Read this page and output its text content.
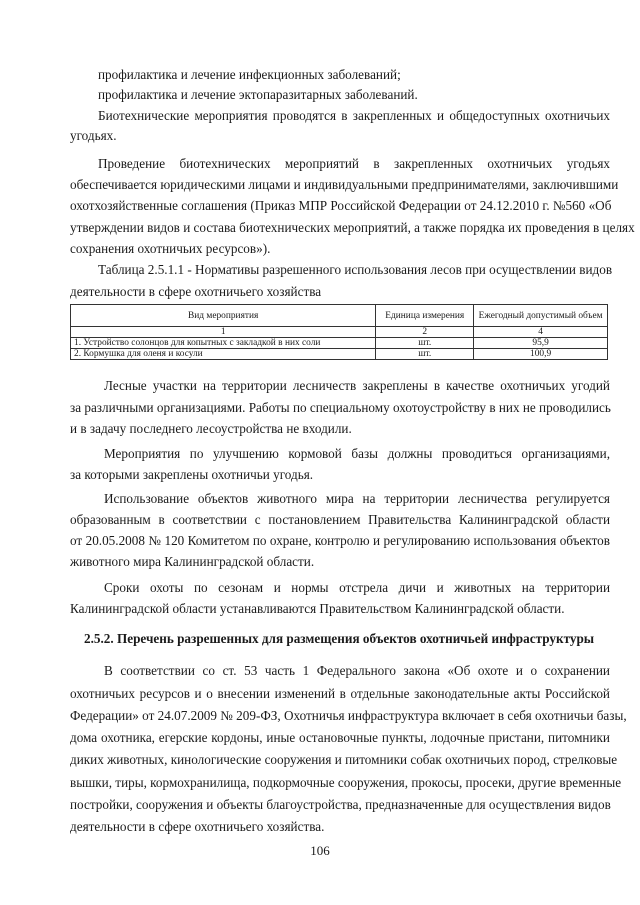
профилактика и лечение инфекционных заболеваний;
профилактика и лечение эктопаразитарных заболеваний.
Биотехнические мероприятия проводятся в закрепленных и общедоступных охотничьих
угодьях.
Проведение биотехнических мероприятий в закрепленных охотничьих угодьях
обеспечивается юридическими лицами и индивидуальными предпринимателями, заключившими
охотхозяйственные соглашения (Приказ МПР Российской Федерации от 24.12.2010 г. №560 «Об
утверждении видов и состава биотехнических мероприятий, а также порядка их проведения в целях
сохранения охотничьих ресурсов»).
Таблица 2.5.1.1 - Нормативы разрешенного использования лесов при осуществлении видов
деятельности в сфере охотничьего хозяйства
Вид мероприятия	Единица измерения	Ежегодный допустимый объем
1	2	4
1. Устройство солонцов для копытных с закладкой в них соли	шт.	95,9
2. Кормушка для оленя и косули	шт.	100,9
Лесные участки на территории лесничеств закреплены в качестве охотничьих угодий
за различными организациями. Работы по специальному охотоустройству в них не проводились
и в задачу последнего лесоустройства не входили.
Мероприятия по улучшению кормовой базы должны проводиться организациями,
за которыми закреплены охотничьи угодья.
Использование объектов животного мира на территории лесничества регулируется
образованным в соответствии с постановлением Правительства Калининградской области
от 20.05.2008 № 120 Комитетом по охране, контролю и регулированию использования объектов
животного мира Калининградской области.
Сроки охоты по сезонам и нормы отстрела дичи и животных на территории
Калининградской области устанавливаются Правительством Калининградской области.
2.5.2. Перечень разрешенных для размещения объектов охотничьей инфраструктуры
В соответствии со ст. 53 часть 1 Федерального закона «Об охоте и о сохранении
охотничьих ресурсов и о внесении изменений в отдельные законодательные акты Российской
Федерации» от 24.07.2009 № 209-ФЗ, Охотничья инфраструктура включает в себя охотничьи базы,
дома охотника, егерские кордоны, иные остановочные пункты, лодочные пристани, питомники
диких животных, кинологические сооружения и питомники собак охотничьих пород, стрелковые
вышки, тиры, кормохранилища, подкормочные сооружения, прокосы, просеки, другие временные
постройки, сооружения и объекты благоустройства, предназначенные для осуществления видов
деятельности в сфере охотничьего хозяйства.
106
